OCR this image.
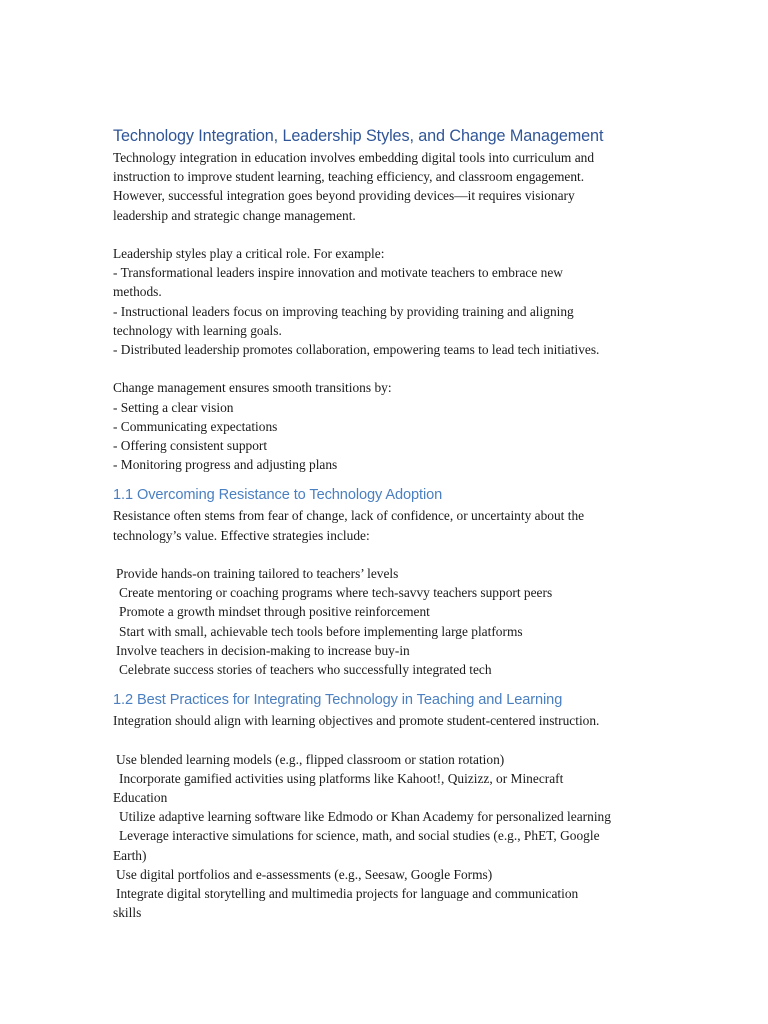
Technology Integration, Leadership Styles, and Change Management
Technology integration in education involves embedding digital tools into curriculum and
instruction to improve student learning, teaching efficiency, and classroom engagement.
However, successful integration goes beyond providing devices—it requires visionary
leadership and strategic change management.
Leadership styles play a critical role. For example:
- Transformational leaders inspire innovation and motivate teachers to embrace new
methods.
- Instructional leaders focus on improving teaching by providing training and aligning
technology with learning goals.
- Distributed leadership promotes collaboration, empowering teams to lead tech initiatives.
Change management ensures smooth transitions by:
- Setting a clear vision
- Communicating expectations
- Offering consistent support
- Monitoring progress and adjusting plans
1.1 Overcoming Resistance to Technology Adoption
Resistance often stems from fear of change, lack of confidence, or uncertainty about the
technology’s value. Effective strategies include:
Provide hands-on training tailored to teachers’ levels
Create mentoring or coaching programs where tech-savvy teachers support peers
Promote a growth mindset through positive reinforcement
Start with small, achievable tech tools before implementing large platforms
Involve teachers in decision-making to increase buy-in
Celebrate success stories of teachers who successfully integrated tech
1.2 Best Practices for Integrating Technology in Teaching and Learning
Integration should align with learning objectives and promote student-centered instruction.
Use blended learning models (e.g., flipped classroom or station rotation)
Incorporate gamified activities using platforms like Kahoot!, Quizizz, or Minecraft
Education
Utilize adaptive learning software like Edmodo or Khan Academy for personalized learning
Leverage interactive simulations for science, math, and social studies (e.g., PhET, Google
Earth)
Use digital portfolios and e-assessments (e.g., Seesaw, Google Forms)
Integrate digital storytelling and multimedia projects for language and communication
skills
